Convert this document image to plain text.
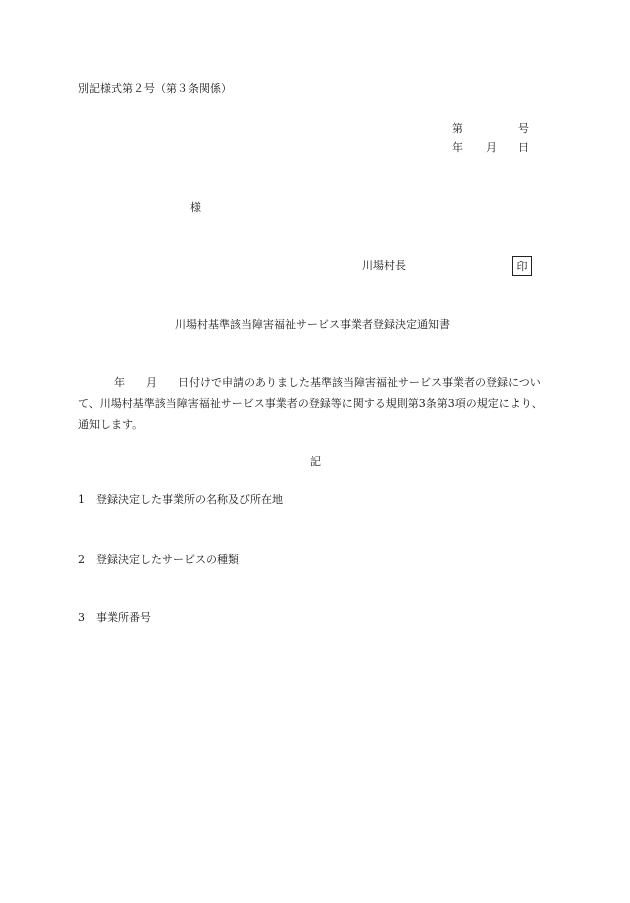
別記様式第２号（第３条関係）
第	号
年 月 日
様
川場村長	印
川場村基準該当障害福祉サービス事業者登録決定通知書

年 月 日付けで申請のありました基準該当障害福祉サービス事業者の登録につい

て、川場村基準該当障害福祉サービス事業者の登録等に関する規則第3条第3項の規定により、

通知します。

記
1 登録決定した事業所の名称及び所在地
2 登録決定したサービスの種類
3 事業所番号
